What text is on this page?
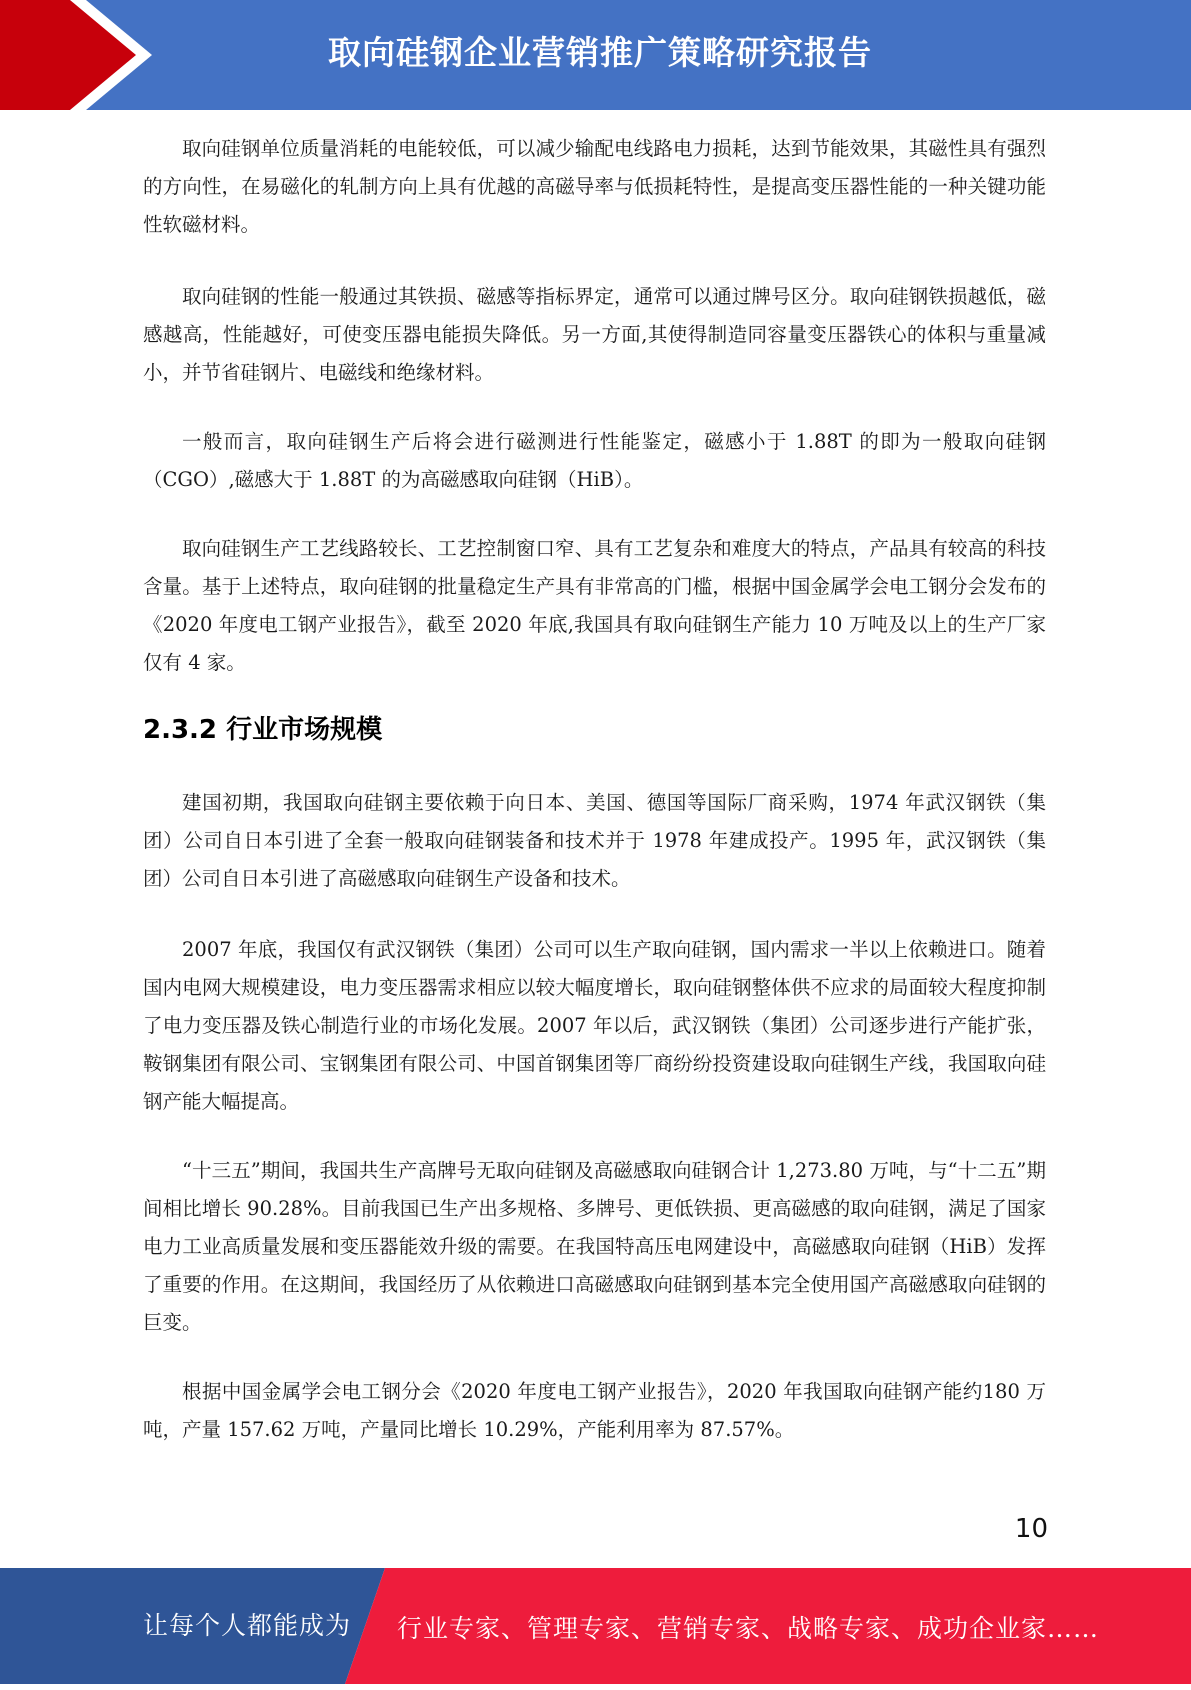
取向硅钢企业营销推广策略研究报告

取向硅钢单位质量消耗的电能较低，可以减少输配电线路电力损耗，达到节能效果，其磁性具有强烈的方向性，在易磁化的轧制方向上具有优越的高磁导率与低损耗特性，是提高变压器性能的一种关键功能性软磁材料。

取向硅钢的性能一般通过其铁损、磁感等指标界定，通常可以通过牌号区分。取向硅钢铁损越低，磁感越高，性能越好，可使变压器电能损失降低。另一方面,其使得制造同容量变压器铁心的体积与重量减小，并节省硅钢片、电磁线和绝缘材料。

一般而言，取向硅钢生产后将会进行磁测进行性能鉴定，磁感小于 1.88T 的即为一般取向硅钢（CGO）,磁感大于 1.88T 的为高磁感取向硅钢（HiB）。

取向硅钢生产工艺线路较长、工艺控制窗口窄、具有工艺复杂和难度大的特点，产品具有较高的科技含量。基于上述特点，取向硅钢的批量稳定生产具有非常高的门槛，根据中国金属学会电工钢分会发布的《2020 年度电工钢产业报告》，截至 2020 年底,我国具有取向硅钢生产能力 10 万吨及以上的生产厂家仅有 4 家。

2.3.2 行业市场规模

建国初期，我国取向硅钢主要依赖于向日本、美国、德国等国际厂商采购，1974 年武汉钢铁（集团）公司自日本引进了全套一般取向硅钢装备和技术并于 1978 年建成投产。1995 年，武汉钢铁（集团）公司自日本引进了高磁感取向硅钢生产设备和技术。

2007 年底，我国仅有武汉钢铁（集团）公司可以生产取向硅钢，国内需求一半以上依赖进口。随着国内电网大规模建设，电力变压器需求相应以较大幅度增长，取向硅钢整体供不应求的局面较大程度抑制了电力变压器及铁心制造行业的市场化发展。2007 年以后，武汉钢铁（集团）公司逐步进行产能扩张，鞍钢集团有限公司、宝钢集团有限公司、中国首钢集团等厂商纷纷投资建设取向硅钢生产线，我国取向硅钢产能大幅提高。

“十三五”期间，我国共生产高牌号无取向硅钢及高磁感取向硅钢合计 1,273.80 万吨，与“十二五”期间相比增长 90.28%。目前我国已生产出多规格、多牌号、更低铁损、更高磁感的取向硅钢，满足了国家电力工业高质量发展和变压器能效升级的需要。在我国特高压电网建设中，高磁感取向硅钢（HiB）发挥了重要的作用。在这期间，我国经历了从依赖进口高磁感取向硅钢到基本完全使用国产高磁感取向硅钢的巨变。

根据中国金属学会电工钢分会《2020 年度电工钢产业报告》，2020 年我国取向硅钢产能约180 万吨，产量 157.62 万吨，产量同比增长 10.29%，产能利用率为 87.57%。

10
让每个人都能成为 行业专家、管理专家、营销专家、战略专家、成功企业家……
